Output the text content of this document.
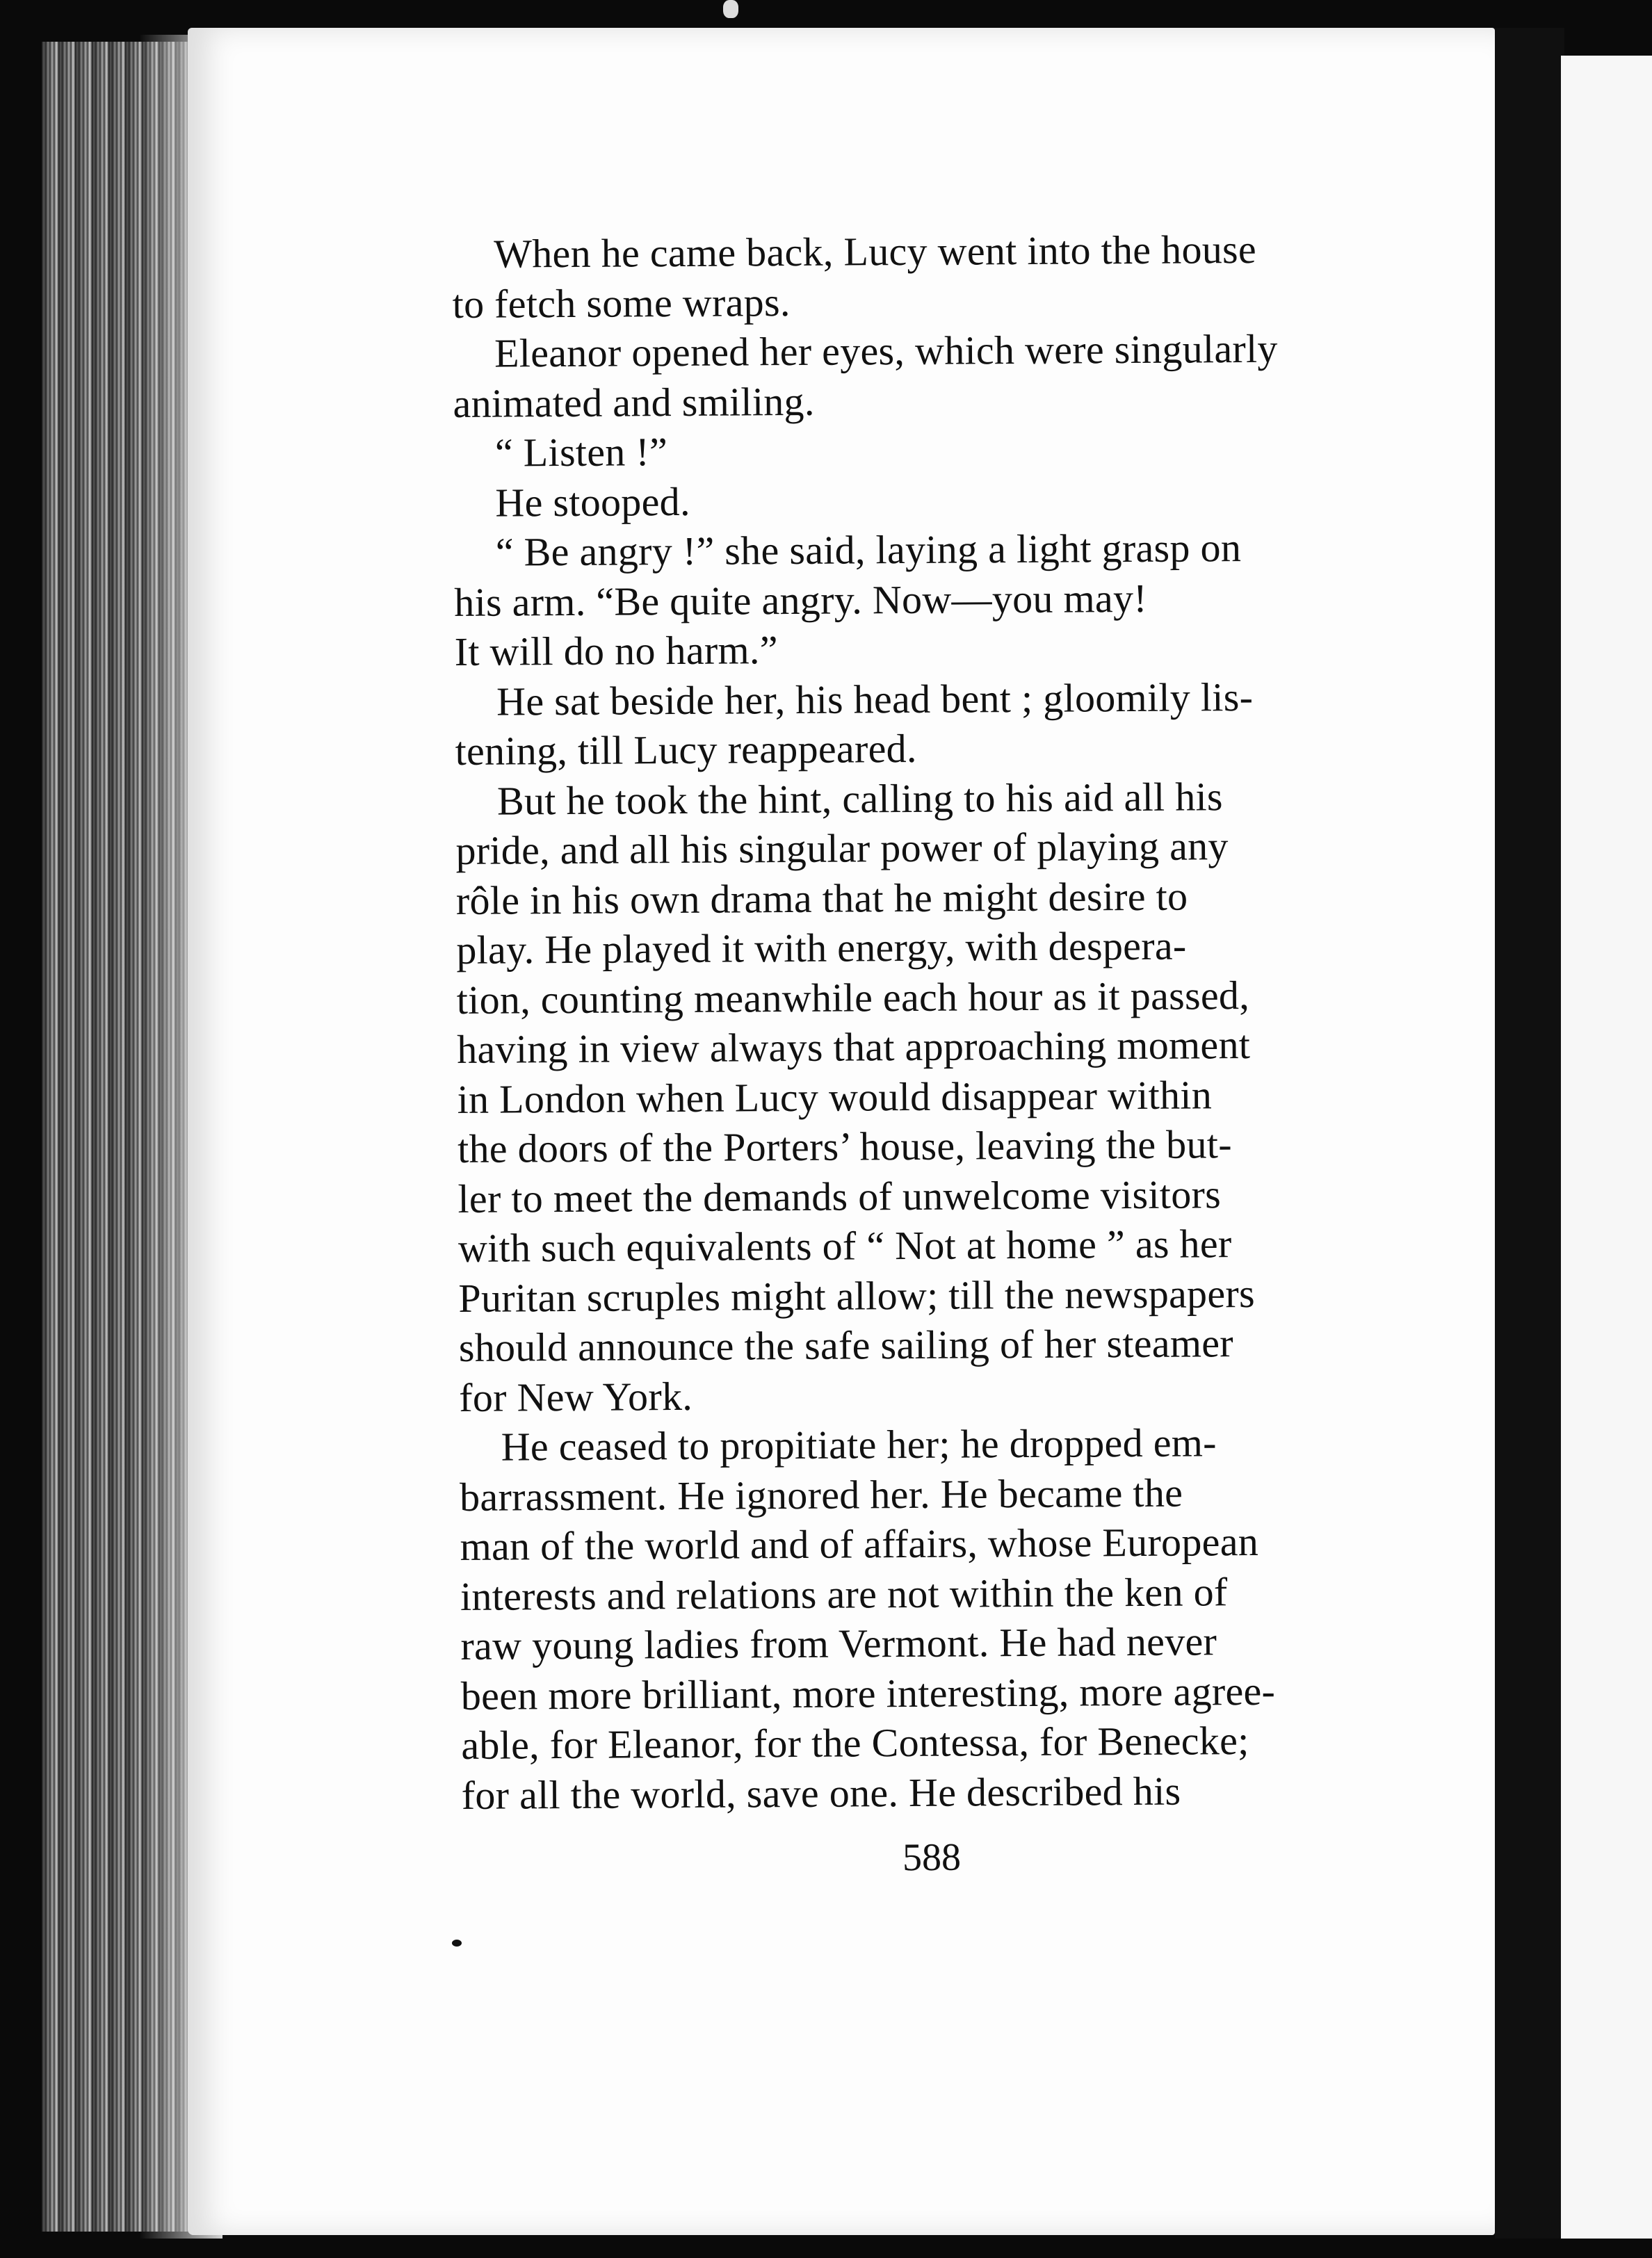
When he came back, Lucy went into the house
to fetch some wraps.

Eleanor opened her eyes, which were singularly
animated and smiling.

“ Listen !”

He stooped.

“ Be angry !” she said, laying a light grasp on
his arm. “Be quite angry. Now—you may!
It will do no harm.”

He sat beside her, his head bent ; gloomily lis-
tening, till Lucy reappeared.

But he took the hint, calling to his aid all his
pride, and all his singular power of playing any
rôle in his own drama that he might desire to
play. He played it with energy, with despera-
tion, counting meanwhile each hour as it passed,
having in view always that approaching moment
in London when Lucy would disappear within
the doors of the Porters’ house, leaving the but-
ler to meet the demands of unwelcome visitors
with such equivalents of “ Not at home ” as her
Puritan scruples might allow; till the newspapers
should announce the safe sailing of her steamer
for New York.

He ceased to propitiate her; he dropped em-
barrassment. He ignored her. He became the
man of the world and of affairs, whose European
interests and relations are not within the ken of
raw young ladies from Vermont. He had never
been more brilliant, more interesting, more agree-
able, for Eleanor, for the Contessa, for Benecke;
for all the world, save one. He described his

588
